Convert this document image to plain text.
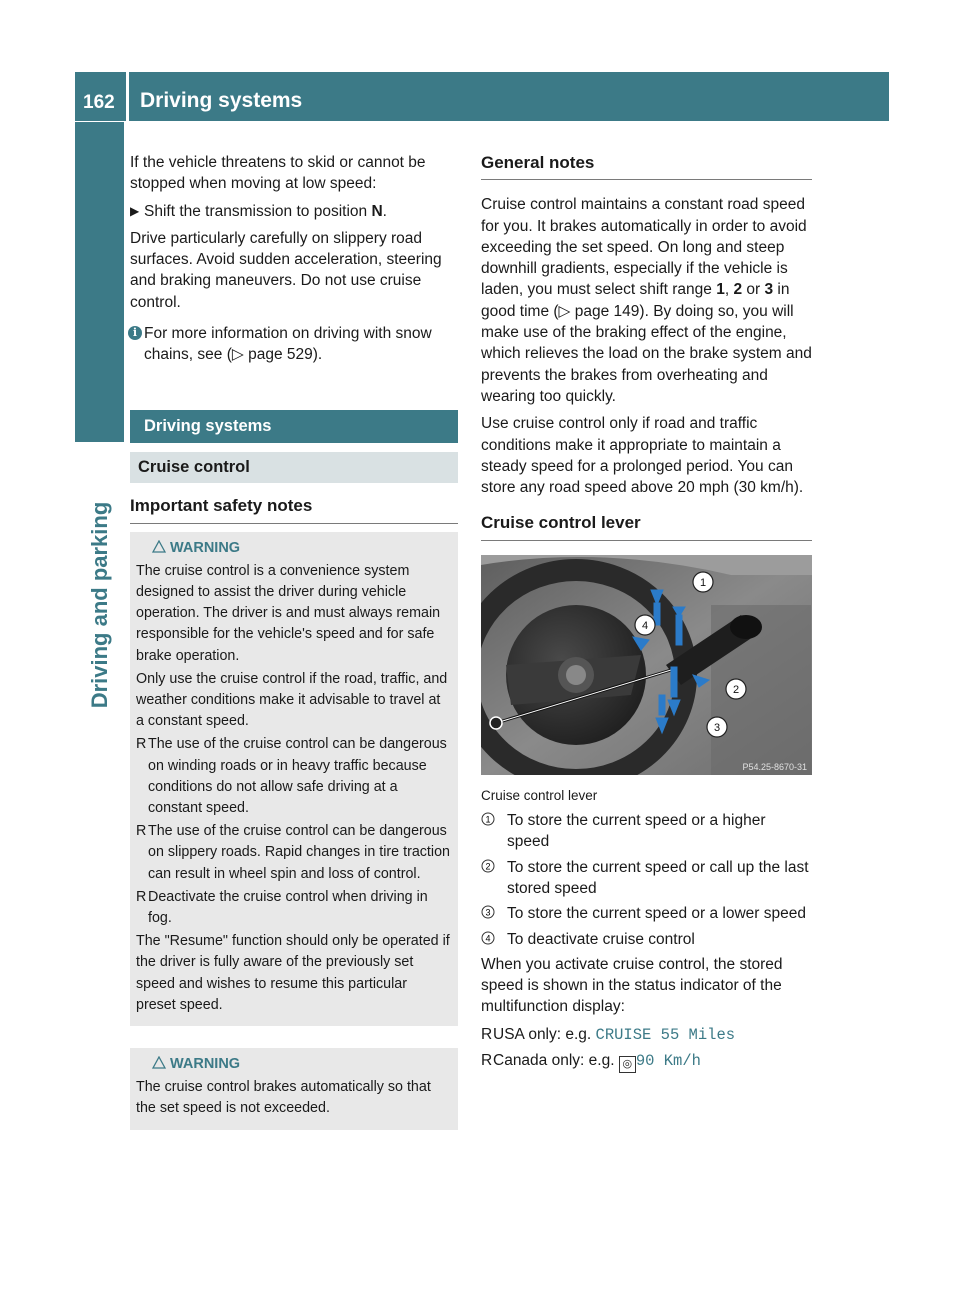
162	Driving systems
Driving and parking

If the vehicle threatens to skid or cannot be stopped when moving at low speed:

▶ Shift the transmission to position N.

Drive particularly carefully on slippery road surfaces. Avoid sudden acceleration, steering and braking maneuvers. Do not use cruise control.

i For more information on driving with snow chains, see (▷ page 529).
Driving systems
Cruise control
Important safety notes
WARNING

The cruise control is a convenience system designed to assist the driver during vehicle operation. The driver is and must always remain responsible for the vehicle's speed and for safe brake operation.

Only use the cruise control if the road, traffic, and weather conditions make it advisable to travel at a constant speed.

R The use of the cruise control can be dangerous on winding roads or in heavy traffic because conditions do not allow safe driving at a constant speed.
R The use of the cruise control can be dangerous on slippery roads. Rapid changes in tire traction can result in wheel spin and loss of control.
R Deactivate the cruise control when driving in fog.

The "Resume" function should only be operated if the driver is fully aware of the previously set speed and wishes to resume this particular preset speed.

WARNING

The cruise control brakes automatically so that the set speed is not exceeded.

General notes

Cruise control maintains a constant road speed for you. It brakes automatically in order to avoid exceeding the set speed. On long and steep downhill gradients, especially if the vehicle is laden, you must select shift range 1, 2 or 3 in good time (▷ page 149). By doing so, you will make use of the braking effect of the engine, which relieves the load on the brake system and prevents the brakes from overheating and wearing too quickly.

Use cruise control only if road and traffic conditions make it appropriate to maintain a steady speed for a prolonged period. You can store any road speed above 20 mph (30 km/h).

Cruise control lever
1
2
3
4
P54.25-8670-31
Cruise control lever
1 To store the current speed or a higher speed
2 To store the current speed or call up the last stored speed
3 To store the current speed or a lower speed
4 To deactivate cruise control

When you activate cruise control, the stored speed is shown in the status indicator of the multifunction display:

R USA only: e.g. CRUISE 55 Miles
R Canada only: e.g. ◎ 90 Km/h
